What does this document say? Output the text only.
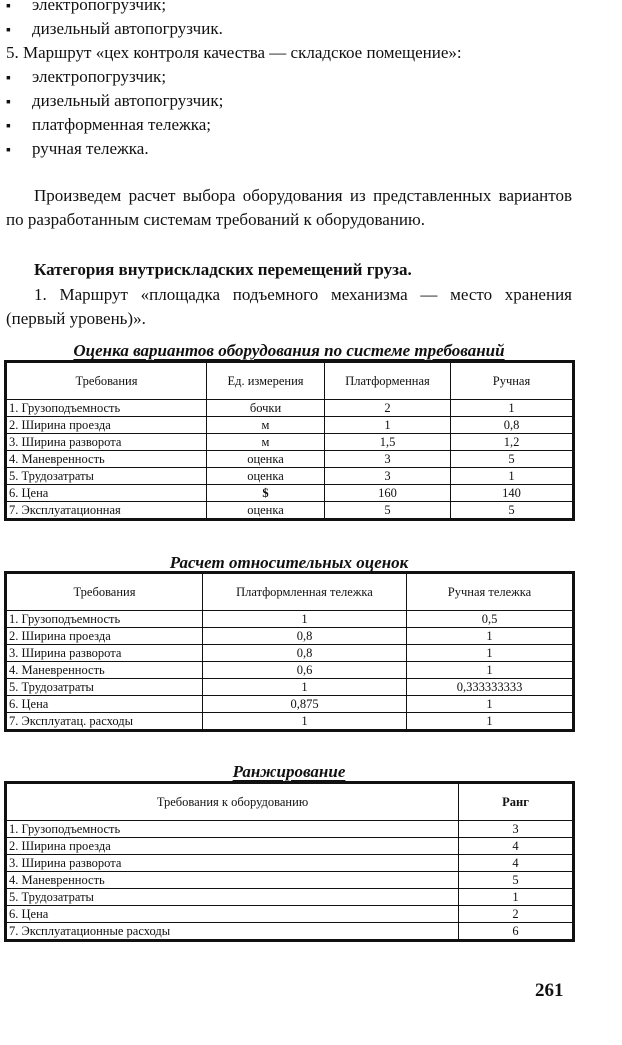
▪ электропогрузчик;
▪ дизельный автопогрузчик.
5. Маршрут «цех контроля качества — складское помещение»:
▪ электропогрузчик;
▪ дизельный автопогрузчик;
▪ платформенная тележка;
▪ ручная тележка.
Произведем расчет выбора оборудования из представленных вариантов по разработанным системам требований к оборудованию.
Категория внутрискладских перемещений груза.
1. Маршрут «площадка подъемного механизма — место хранения (первый уровень)».
Оценка вариантов оборудования по системе требований
Требования	Ед. измерения	Платформенная	Ручная
1. Грузоподъемность	бочки	2	1
2. Ширина проезда	м	1	0,8
3. Ширина разворота	м	1,5	1,2
4. Маневренность	оценка	3	5
5. Трудозатраты	оценка	3	1
6. Цена	$	160	140
7. Эксплуатационная	оценка	5	5
Расчет относительных оценок
Требования	Платформленная тележка	Ручная тележка
1. Грузоподъемность	1	0,5
2. Ширина проезда	0,8	1
3. Ширина разворота	0,8	1
4. Маневренность	0,6	1
5. Трудозатраты	1	0,333333333
6. Цена	0,875	1
7. Эксплуатац. расходы	1	1
Ранжирование
Требования к оборудованию	Ранг
1. Грузоподъемность	3
2. Ширина проезда	4
3. Ширина разворота	4
4. Маневренность	5
5. Трудозатраты	1
6. Цена	2
7. Эксплуатационные расходы	6
261
